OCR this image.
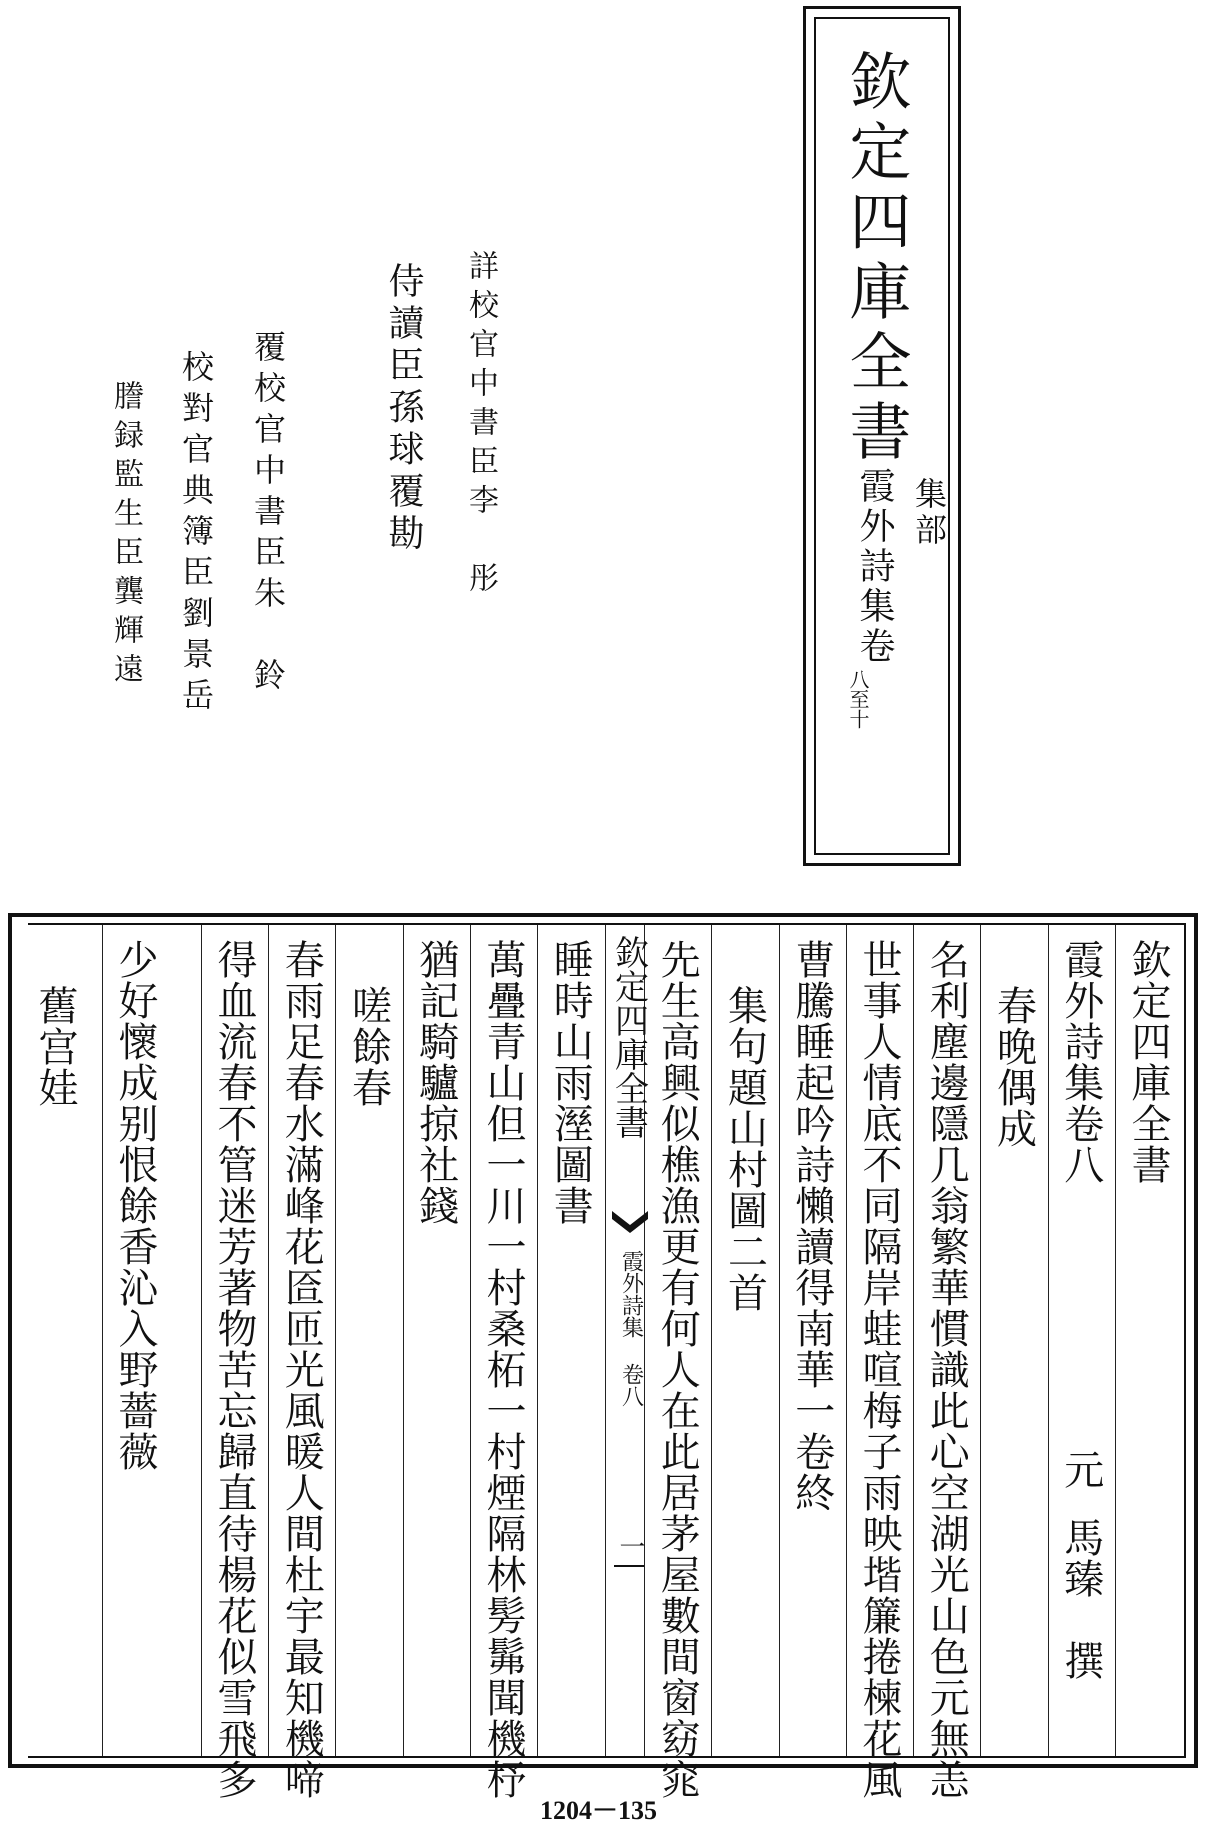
欽定四庫全書
集部
霞外詩集卷
八至十
詳校官中書臣李　彤
侍讀臣孫球覆勘
覆校官中書臣朱　鈴
校對官典簿臣劉景岳
謄録監生臣龔輝遠
欽定四庫全書
霞外詩集卷八
元
馬臻　撰
春晚偶成
名利塵邊隱几翁繁華慣識此心空湖光山色元無恙
世事人情底不同隔岸蛙喧梅子雨映堦簾捲楝花風
曹騰睡起吟詩懶讀得南華一卷終
集句題山村圖二首
先生高興似樵漁更有何人在此居茅屋數間窗窈窕
欽定四庫全書
霞外詩集 卷八
一
睡時山雨溼圖書
萬疊青山但一川一村桑柘一村煙隔林髣髴聞機杼
猶記騎驢掠社錢
嗟餘春
春雨足春水滿峰花匼匝光風暖人間杜宇最知機啼
得血流春不管迷芳著物苦忘歸直待楊花似雪飛多
少好懷成别恨餘香沁入野薔薇
舊宫娃
1204－135
